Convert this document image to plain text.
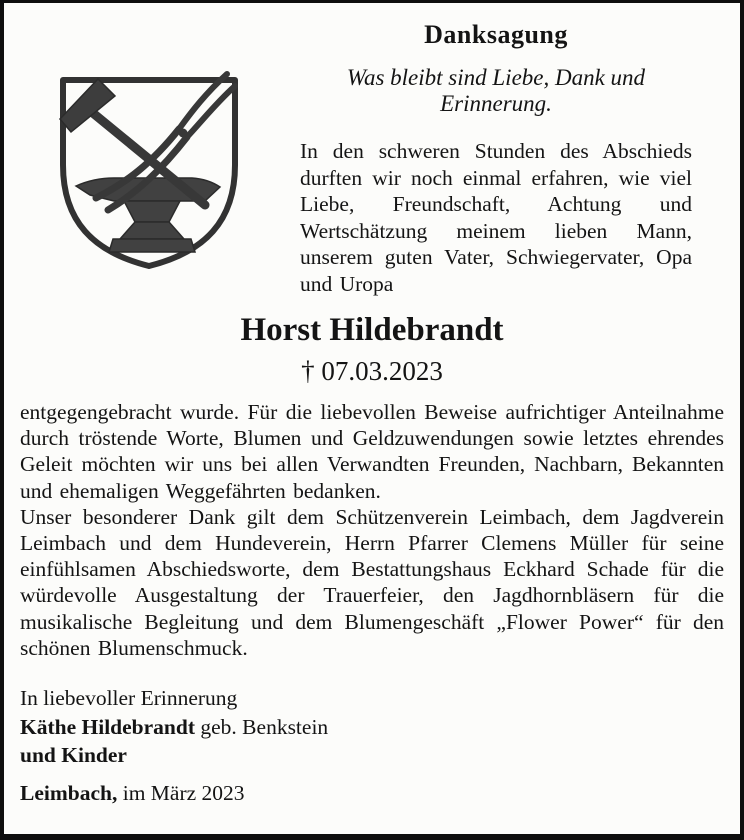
Danksagung
Was bleibt sind Liebe, Dank und Erinnerung.
In den schweren Stunden des Abschieds durften wir noch einmal erfahren, wie viel Liebe, Freundschaft, Achtung und Wertschätzung meinem lieben Mann, unserem guten Vater, Schwiegervater, Opa und Uropa
Horst Hildebrandt
† 07.03.2023

entgegengebracht wurde. Für die liebevollen Beweise aufrichtiger Anteilnahme durch tröstende Worte, Blumen und Geldzuwendungen sowie letztes ehrendes Geleit möchten wir uns bei allen Verwandten Freunden, Nachbarn, Bekannten und ehemaligen Weggefährten bedanken.

Unser besonderer Dank gilt dem Schützenverein Leimbach, dem Jagdverein Leimbach und dem Hundeverein, Herrn Pfarrer Clemens Müller für seine einfühlsamen Abschiedsworte, dem Bestattungshaus Eckhard Schade für die würdevolle Ausgestaltung der Trauerfeier, den Jagdhornbläsern für die musikalische Begleitung und dem Blumengeschäft „Flower Power“ für den schönen Blumenschmuck.

In liebevoller Erinnerung

Käthe Hildebrandt geb. Benkstein

und Kinder

Leimbach, im März 2023
